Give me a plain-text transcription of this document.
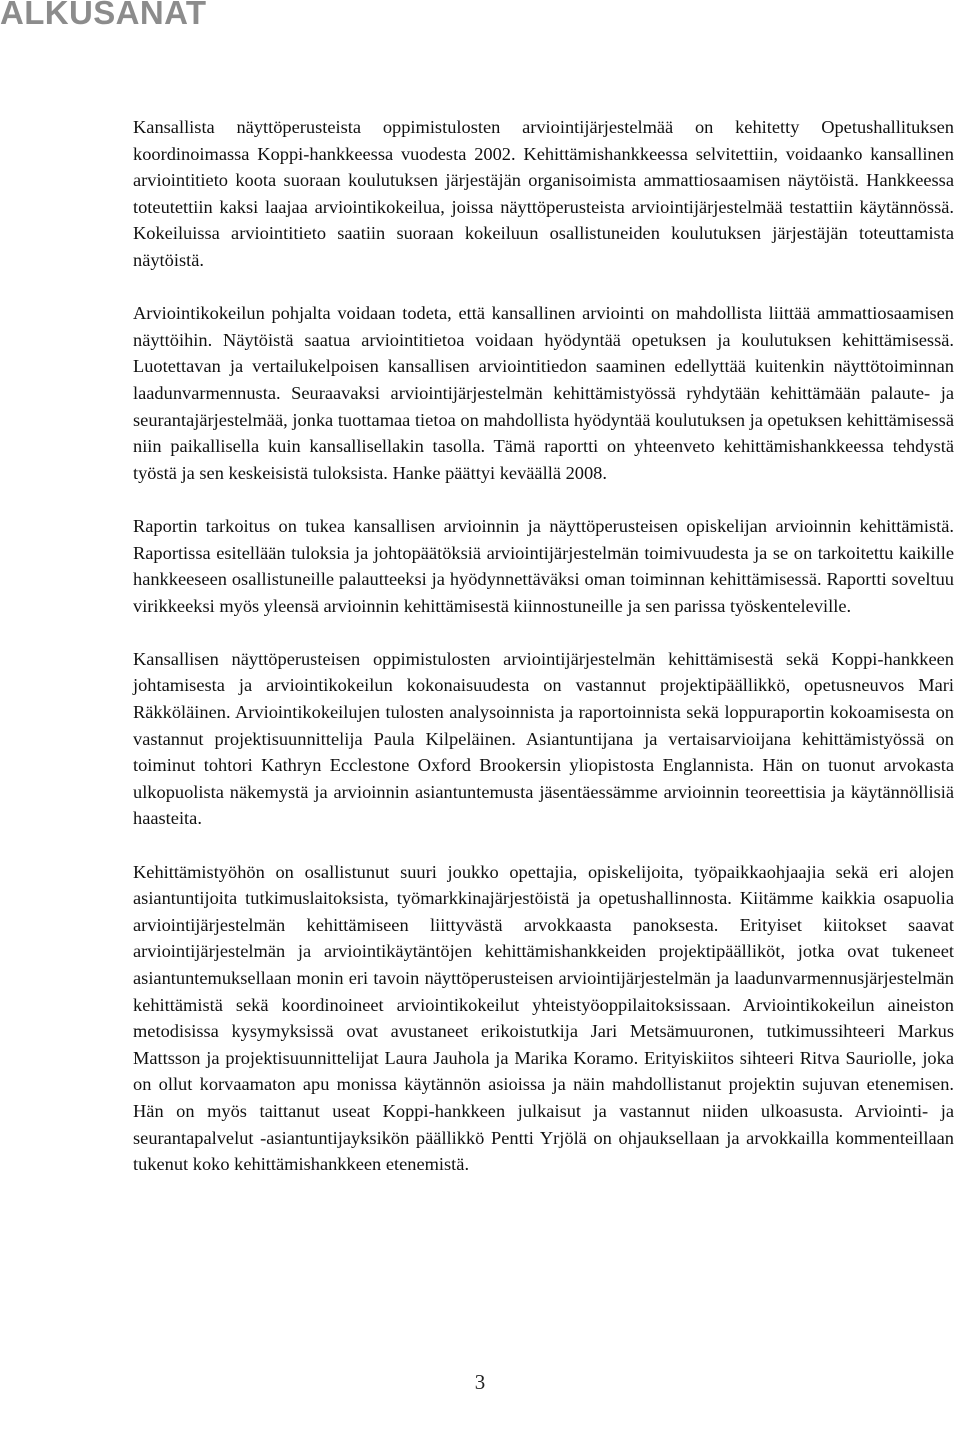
ALKUSANAT

Kansallista näyttöperusteista oppimistulosten arviointijärjestelmää on kehitetty Opetushallituksen koordinoimassa Koppi-hankkeessa vuodesta 2002. Kehittämishankkeessa selvitettiin, voidaanko kansallinen arviointitieto koota suoraan koulutuksen järjestäjän organisoimista ammattiosaamisen näytöistä. Hankkeessa toteutettiin kaksi laajaa arviointikokeilua, joissa näyttöperusteista arviointijärjestelmää testattiin käytännössä. Kokeiluissa arviointitieto saatiin suoraan kokeiluun osallistuneiden koulutuksen järjestäjän toteuttamista näytöistä.

Arviointikokeilun pohjalta voidaan todeta, että kansallinen arviointi on mahdollista liittää ammattiosaamisen näyttöihin. Näytöistä saatua arviointitietoa voidaan hyödyntää opetuksen ja koulutuksen kehittämisessä. Luotettavan ja vertailukelpoisen kansallisen arviointitiedon saaminen edellyttää kuitenkin näyttötoiminnan laadunvarmennusta. Seuraavaksi arviointijärjestelmän kehittämistyössä ryhdytään kehittämään palaute- ja seurantajärjestelmää, jonka tuottamaa tietoa on mahdollista hyödyntää koulutuksen ja opetuksen kehittämisessä niin paikallisella kuin kansallisellakin tasolla. Tämä raportti on yhteenveto kehittämishankkeessa tehdystä työstä ja sen keskeisistä tuloksista. Hanke päättyi keväällä 2008.

Raportin tarkoitus on tukea kansallisen arvioinnin ja näyttöperusteisen opiskelijan arvioinnin kehittämistä. Raportissa esitellään tuloksia ja johtopäätöksiä arviointijärjestelmän toimivuudesta ja se on tarkoitettu kaikille hankkeeseen osallistuneille palautteeksi ja hyödynnettäväksi oman toiminnan kehittämisessä. Raportti soveltuu virikkeeksi myös yleensä arvioinnin kehittämisestä kiinnostuneille ja sen parissa työskenteleville.

Kansallisen näyttöperusteisen oppimistulosten arviointijärjestelmän kehittämisestä sekä Koppi-hankkeen johtamisesta ja arviointikokeilun kokonaisuudesta on vastannut projektipäällikkö, opetusneuvos Mari Räkköläinen. Arviointikokeilujen tulosten analysoinnista ja raportoinnista sekä loppuraportin kokoamisesta on vastannut projektisuunnittelija Paula Kilpeläinen. Asiantuntijana ja vertaisarvioijana kehittämistyössä on toiminut tohtori Kathryn Ecclestone Oxford Brookersin yliopistosta Englannista. Hän on tuonut arvokasta ulkopuolista näkemystä ja arvioinnin asiantuntemusta jäsentäessämme arvioinnin teoreettisia ja käytännöllisiä haasteita.

Kehittämistyöhön on osallistunut suuri joukko opettajia, opiskelijoita, työpaikkaohjaajia sekä eri alojen asiantuntijoita tutkimuslaitoksista, työmarkkinajärjestöistä ja opetushallinnosta. Kiitämme kaikkia osapuolia arviointijärjestelmän kehittämiseen liittyvästä arvokkaasta panoksesta. Erityiset kiitokset saavat arviointijärjestelmän ja arviointikäytäntöjen kehittämishankkeiden projektipäälliköt, jotka ovat tukeneet asiantuntemuksellaan monin eri tavoin näyttöperusteisen arviointijärjestelmän ja laadunvarmennusjärjestelmän kehittämistä sekä koordinoineet arviointikokeilut yhteistyöoppilaitoksissaan. Arviointikokeilun aineiston metodisissa kysymyksissä ovat avustaneet erikoistutkija Jari Metsämuuronen, tutkimussihteeri Markus Mattsson ja projektisuunnittelijat Laura Jauhola ja Marika Koramo. Erityiskiitos sihteeri Ritva Sauriolle, joka on ollut korvaamaton apu monissa käytännön asioissa ja näin mahdollistanut projektin sujuvan etenemisen. Hän on myös taittanut useat Koppi-hankkeen julkaisut ja vastannut niiden ulkoasusta. Arviointi- ja seurantapalvelut -asiantuntijayksikön päällikkö Pentti Yrjölä on ohjauksellaan ja arvokkailla kommenteillaan tukenut koko kehittämishankkeen etenemistä.

3
